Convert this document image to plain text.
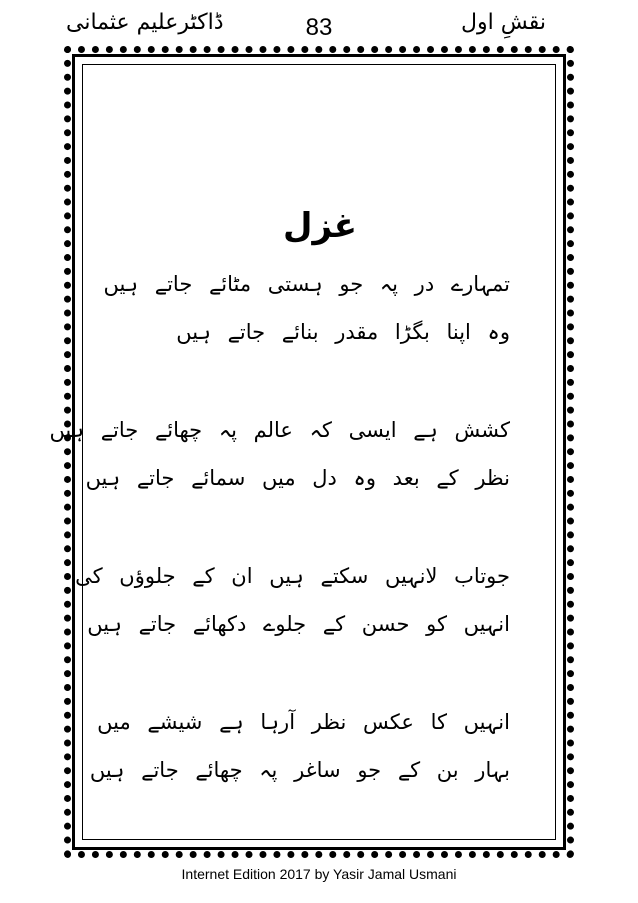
ڈاکٹرعلیم عثمانی	83	نقشِ اول
غزل
تمہارے در پہ جو ہستی مٹائے جاتے ہیں
وہ اپنا بگڑا مقدر بنائے جاتے ہیں
کشش ہے ایسی کہ عالم پہ چھائے جاتے ہیں
نظر کے بعد وہ دل میں سمائے جاتے ہیں
جوتاب لانہیں سکتے ہیں ان کے جلوؤں کی
انہیں کو حسن کے جلوے دکھائے جاتے ہیں
انہیں کا عکس نظر آرہا ہے شیشے میں
بہار بن کے جو ساغر پہ چھائے جاتے ہیں
Internet Edition 2017 by Yasir Jamal Usmani
